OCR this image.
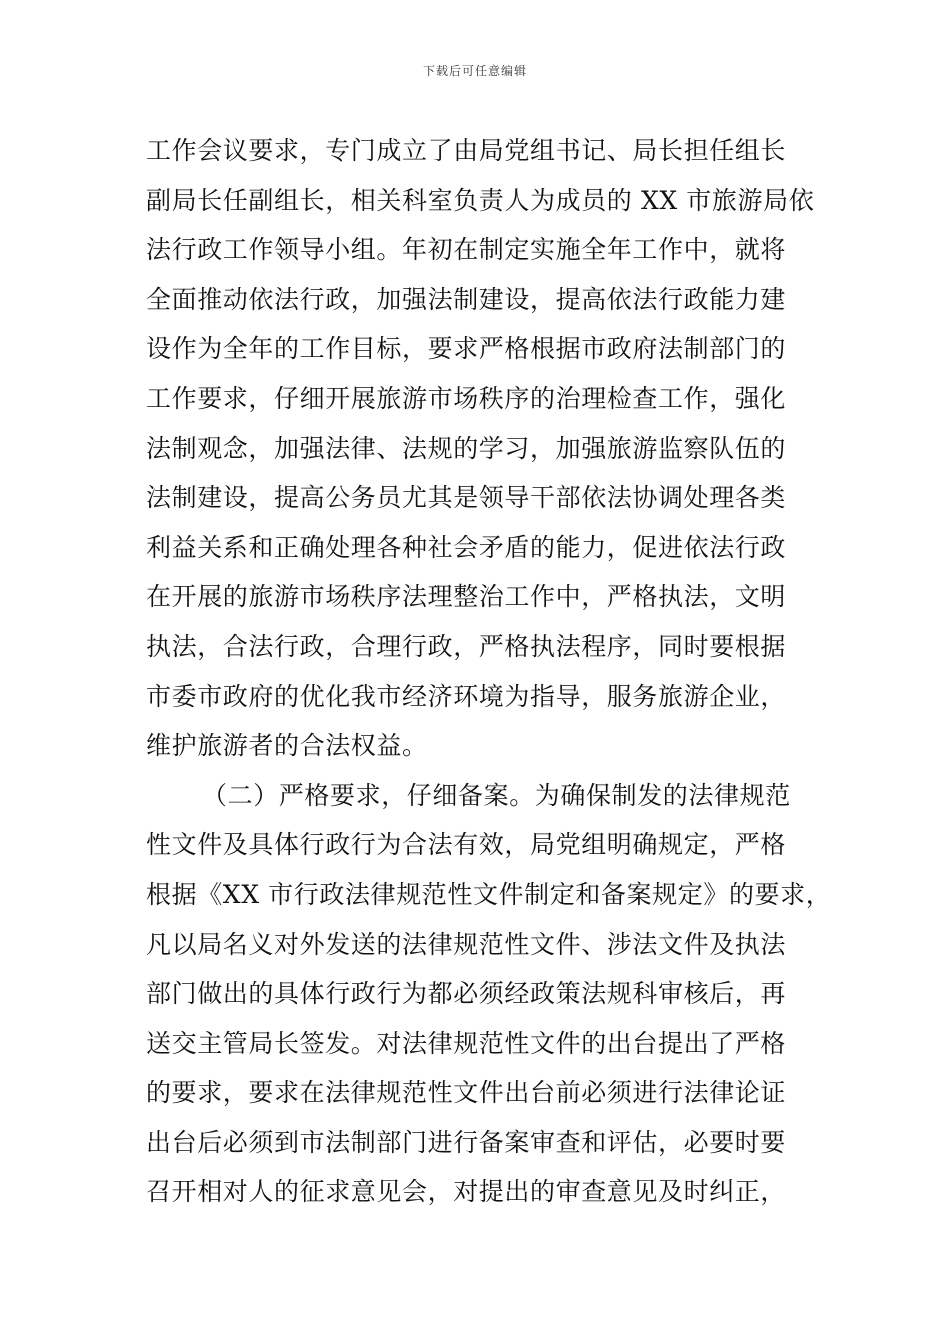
下载后可任意编辑
工作会议要求，专门成立了由局党组书记、局长担任组长
副局长任副组长，相关科室负责人为成员的 XX 市旅游局依
法行政工作领导小组。年初在制定实施全年工作中，就将
全面推动依法行政，加强法制建设，提高依法行政能力建
设作为全年的工作目标，要求严格根据市政府法制部门的
工作要求，仔细开展旅游市场秩序的治理检查工作，强化
法制观念，加强法律、法规的学习，加强旅游监察队伍的
法制建设，提高公务员尤其是领导干部依法协调处理各类
利益关系和正确处理各种社会矛盾的能力，促进依法行政
在开展的旅游市场秩序法理整治工作中，严格执法，文明
执法，合法行政，合理行政，严格执法程序，同时要根据
市委市政府的优化我市经济环境为指导，服务旅游企业，
维护旅游者的合法权益。
（二）严格要求，仔细备案。为确保制发的法律规范
性文件及具体行政行为合法有效，局党组明确规定，严格
根据《XX 市行政法律规范性文件制定和备案规定》的要求，
凡以局名义对外发送的法律规范性文件、涉法文件及执法
部门做出的具体行政行为都必须经政策法规科审核后，再
送交主管局长签发。对法律规范性文件的出台提出了严格
的要求，要求在法律规范性文件出台前必须进行法律论证
出台后必须到市法制部门进行备案审查和评估，必要时要
召开相对人的征求意见会，对提出的审查意见及时纠正，
